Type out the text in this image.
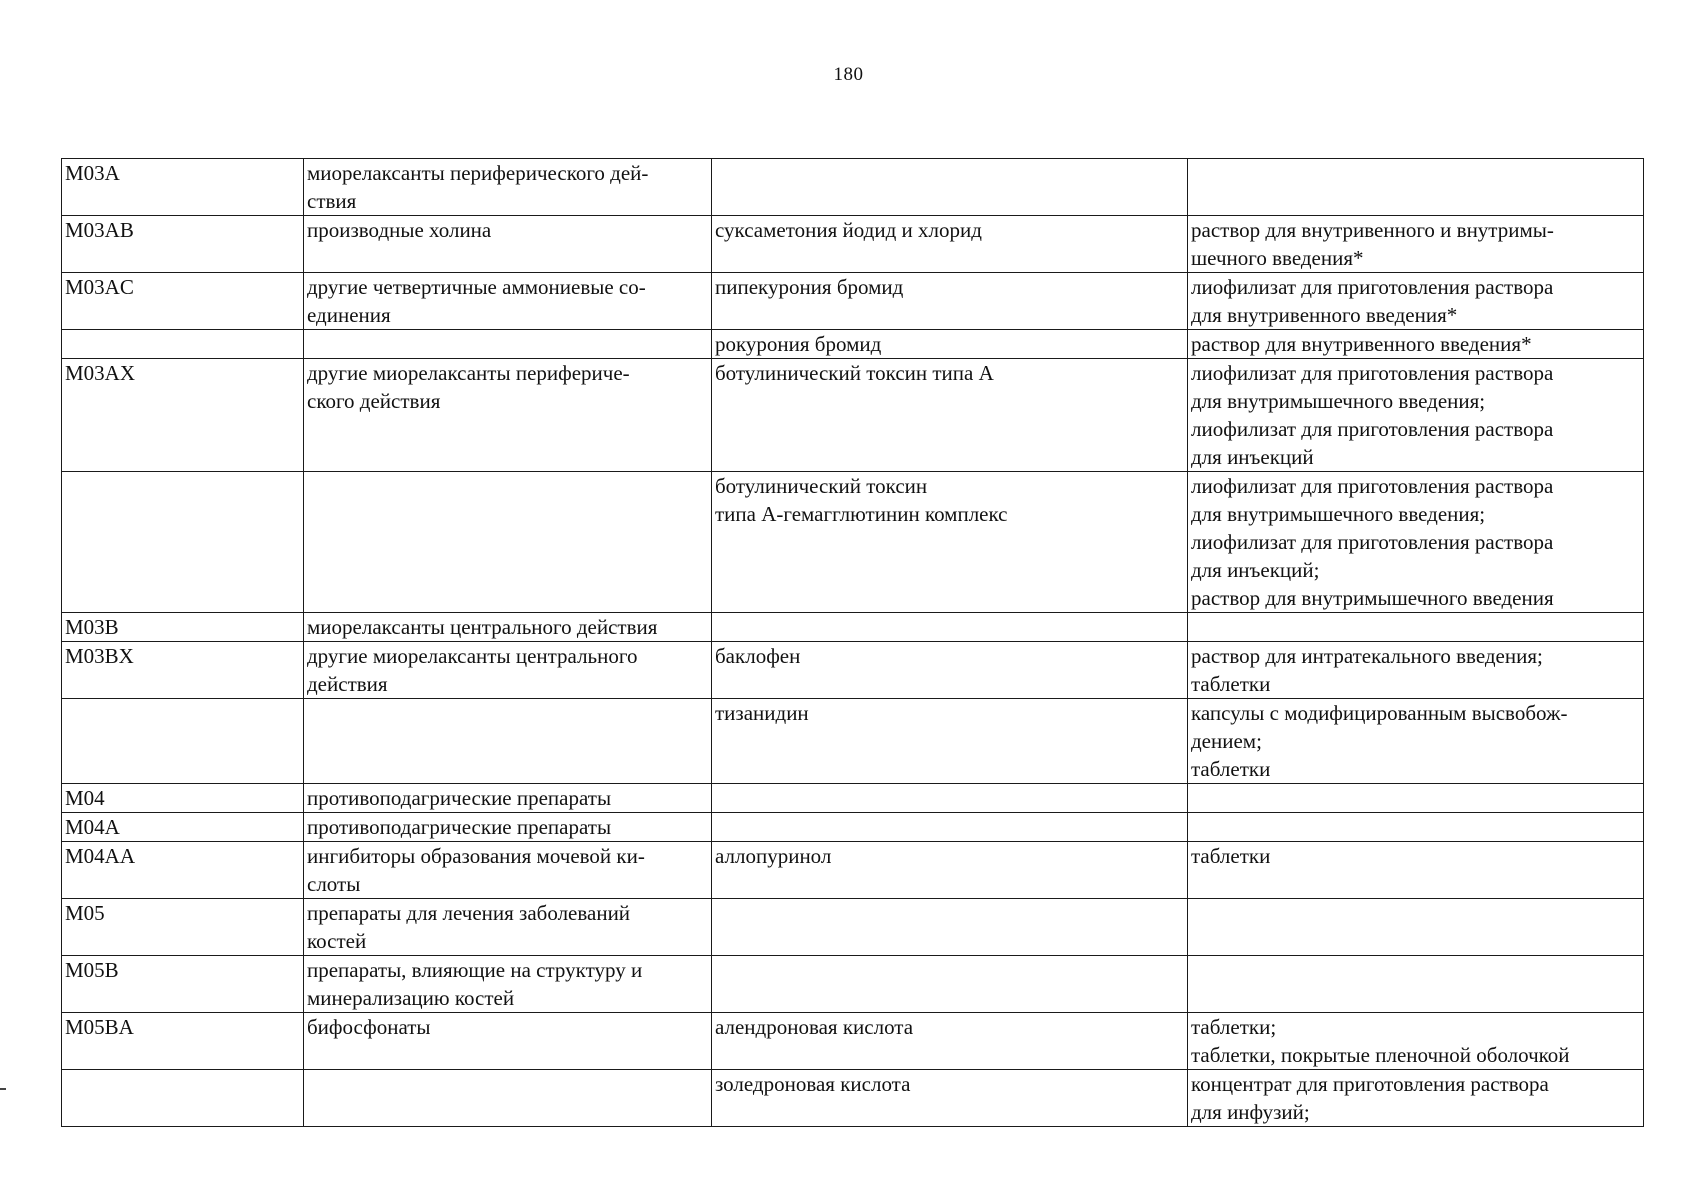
180
M03A	миорелаксанты периферического дей-
ствия		

M03AB	производные холина	суксаметония йодид и хлорид	раствор для внутривенного и внутримы-
шечного введения*

M03AC	другие четвертичные аммониевые со-
единения	пипекурония бромид	лиофилизат для приготовления раствора
для внутривенного введения*

		рокурония бромид	раствор для внутривенного введения*

M03AX	другие миорелаксанты периферичe-
ского действия	ботулинический токсин типа А	лиофилизат для приготовления раствора
для внутримышечного введения;
лиофилизат для приготовления раствора
для инъекций

		ботулинический токсин
типа А-гемагглютинин комплекс	лиофилизат для приготовления раствора
для внутримышечного введения;
лиофилизат для приготовления раствора
для инъекций;
раствор для внутримышечного введения

M03B	миорелаксанты центрального действия		

M03BX	другие миорелаксанты центрального
действия	баклофен	раствор для интратекального введения;
таблетки

		тизанидин	капсулы с модифицированным высвобож-
дением;
таблетки

M04	противоподагрические препараты		

M04A	противоподагрические препараты		

M04AA	ингибиторы образования мочевой ки-
слоты	аллопуринол	таблетки

M05	препараты для лечения заболеваний
костей		

M05B	препараты, влияющие на структуру и
минерализацию костей		

M05BA	бифосфонаты	алендроновая кислота	таблетки;
таблетки, покрытые пленочной оболочкой

		золедроновая кислота	концентрат для приготовления раствора
для инфузий;
